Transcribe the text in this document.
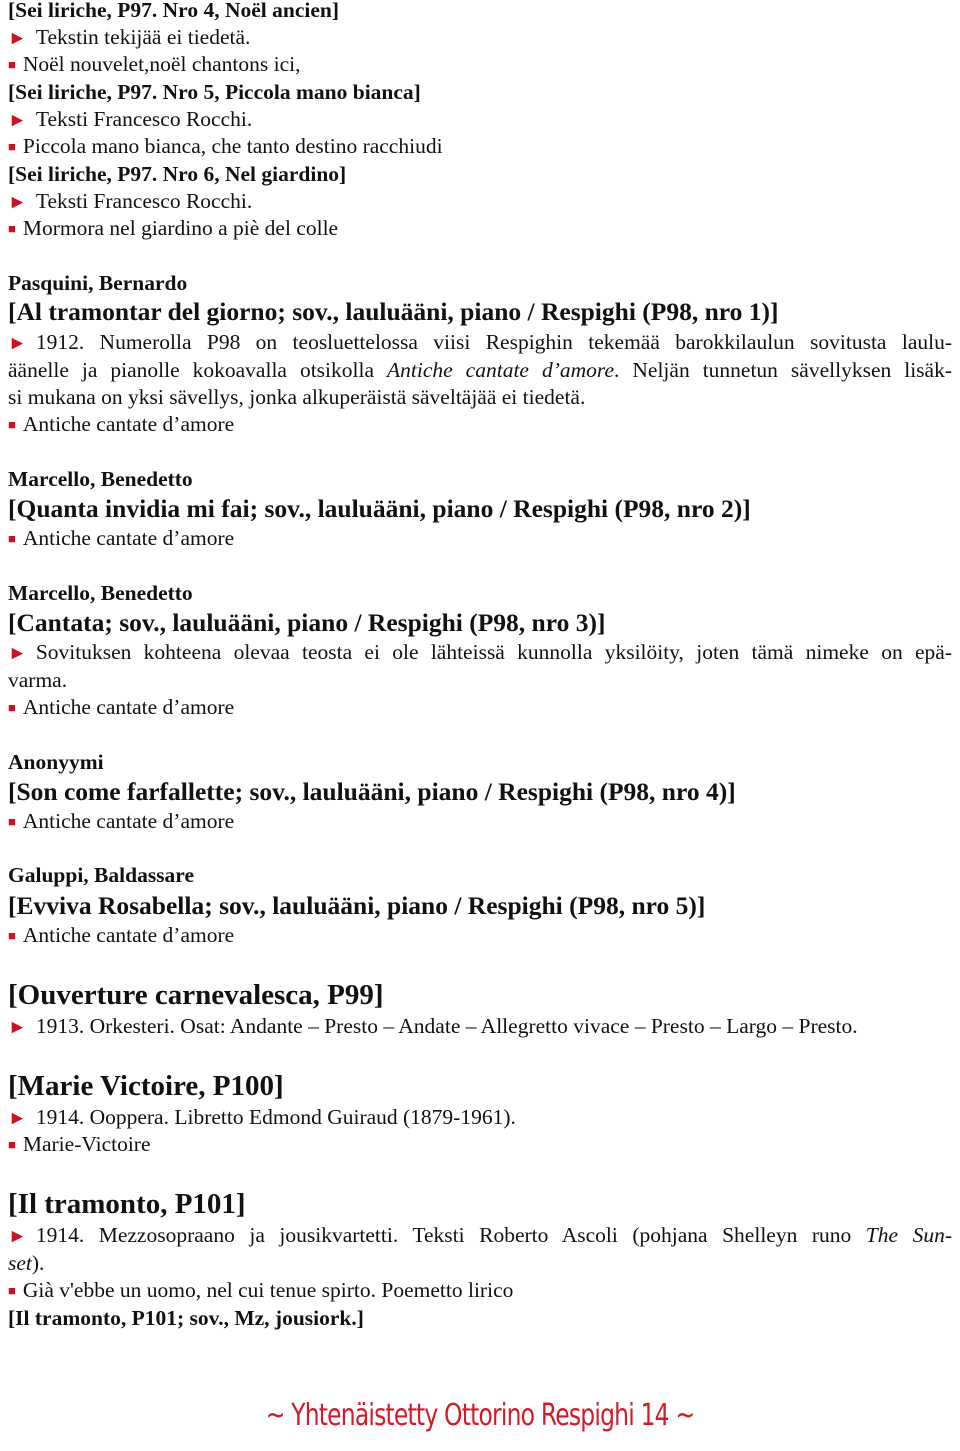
[Sei liriche, P97. Nro 4, Noël ancien]
► Tekstin tekijää ei tiedetä.
■ Noël nouvelet,noël chantons ici,
[Sei liriche, P97. Nro 5, Piccola mano bianca]
► Teksti Francesco Rocchi.
■ Piccola mano bianca, che tanto destino racchiudi
[Sei liriche, P97. Nro 6, Nel giardino]
► Teksti Francesco Rocchi.
■ Mormora nel giardino a piè del colle
Pasquini, Bernardo
[Al tramontar del giorno; sov., lauluääni, piano / Respighi (P98, nro 1)]
► 1912. Numerolla P98 on teosluettelossa viisi Respighin tekemää barokkilaulun sovitusta laulu-
äänelle ja pianolle kokoavalla otsikolla Antiche cantate d’amore. Neljän tunnetun sävellyksen lisäk-
si mukana on yksi sävellys, jonka alkuperäistä säveltäjää ei tiedetä.
■ Antiche cantate d’amore
Marcello, Benedetto
[Quanta invidia mi fai; sov., lauluääni, piano / Respighi (P98, nro 2)]
■ Antiche cantate d’amore
Marcello, Benedetto
[Cantata; sov., lauluääni, piano / Respighi (P98, nro 3)]
► Sovituksen kohteena olevaa teosta ei ole lähteissä kunnolla yksilöity, joten tämä nimeke on epä-
varma.
■ Antiche cantate d’amore
Anonyymi
[Son come farfallette; sov., lauluääni, piano / Respighi (P98, nro 4)]
■ Antiche cantate d’amore
Galuppi, Baldassare
[Evviva Rosabella; sov., lauluääni, piano / Respighi (P98, nro 5)]
■ Antiche cantate d’amore
[Ouverture carnevalesca, P99]
► 1913. Orkesteri. Osat: Andante – Presto – Andate – Allegretto vivace – Presto – Largo – Presto.
[Marie Victoire, P100]
► 1914. Ooppera. Libretto Edmond Guiraud (1879-1961).
■ Marie-Victoire
[Il tramonto, P101]
► 1914. Mezzosopraano ja jousikvartetti. Teksti Roberto Ascoli (pohjana Shelleyn runo The Sun-
set).
■ Già v'ebbe un uomo, nel cui tenue spirto. Poemetto lirico
[Il tramonto, P101; sov., Mz, jousiork.]
~ Yhtenäistetty Ottorino Respighi 14 ~
